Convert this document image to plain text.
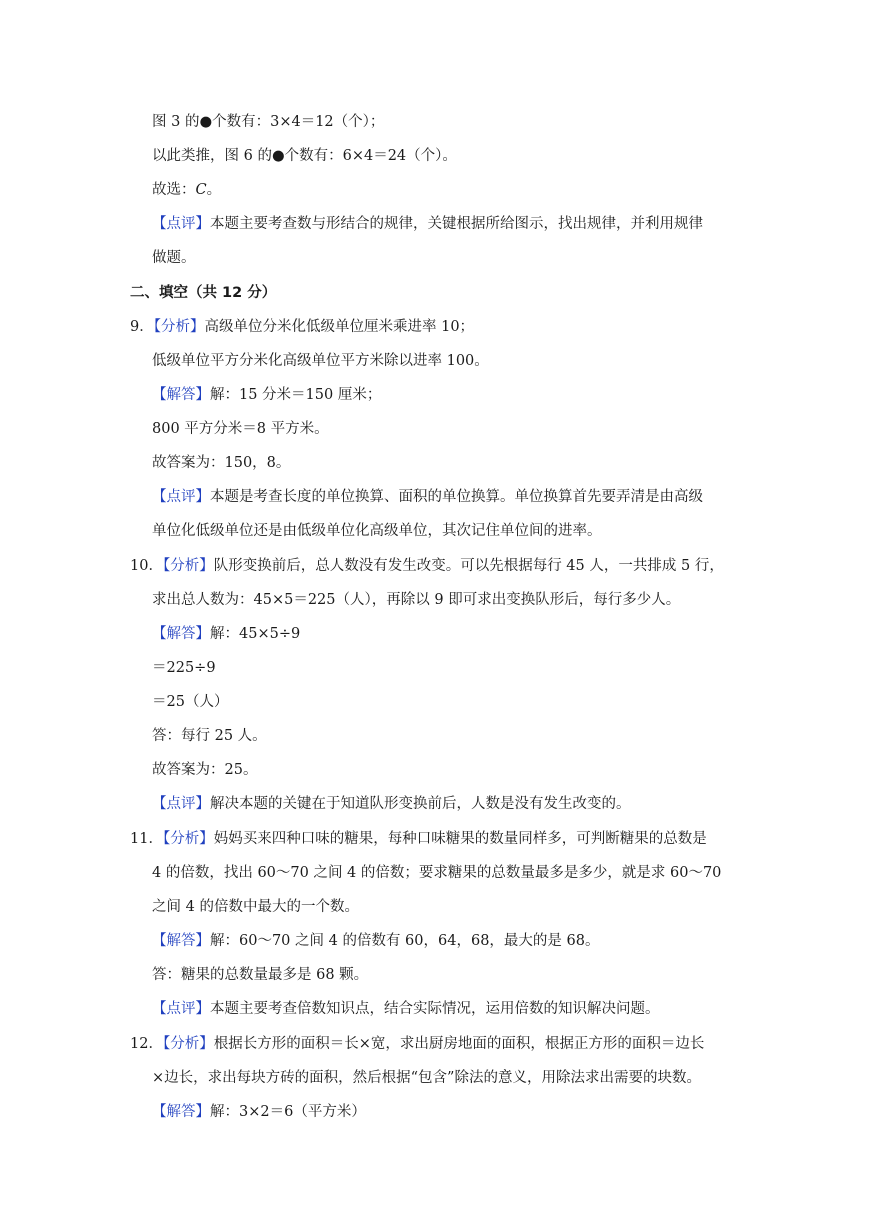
图 3 的●个数有：3×4＝12（个）；
以此类推，图 6 的●个数有：6×4＝24（个）。
故选：C。
【点评】本题主要考查数与形结合的规律，关键根据所给图示，找出规律，并利用规律
做题。
二、填空（共 12 分）
9．【分析】高级单位分米化低级单位厘米乘进率 10；
低级单位平方分米化高级单位平方米除以进率 100。
【解答】解：15 分米＝150 厘米；
800 平方分米＝8 平方米。
故答案为：150，8。
【点评】本题是考查长度的单位换算、面积的单位换算。单位换算首先要弄清是由高级
单位化低级单位还是由低级单位化高级单位，其次记住单位间的进率。
10．【分析】队形变换前后，总人数没有发生改变。可以先根据每行 45 人，一共排成 5 行，
求出总人数为：45×5＝225（人），再除以 9 即可求出变换队形后，每行多少人。
【解答】解：45×5÷9
＝225÷9
＝25（人）
答：每行 25 人。
故答案为：25。
【点评】解决本题的关键在于知道队形变换前后，人数是没有发生改变的。
11．【分析】妈妈买来四种口味的糖果，每种口味糖果的数量同样多，可判断糖果的总数是
4 的倍数，找出 60～70 之间 4 的倍数；要求糖果的总数量最多是多少，就是求 60～70
之间 4 的倍数中最大的一个数。
【解答】解：60～70 之间 4 的倍数有 60，64，68，最大的是 68。
答：糖果的总数量最多是 68 颗。
【点评】本题主要考查倍数知识点，结合实际情况，运用倍数的知识解决问题。
12．【分析】根据长方形的面积＝长×宽，求出厨房地面的面积，根据正方形的面积＝边长
×边长，求出每块方砖的面积，然后根据“包含”除法的意义，用除法求出需要的块数。
【解答】解：3×2＝6（平方米）
